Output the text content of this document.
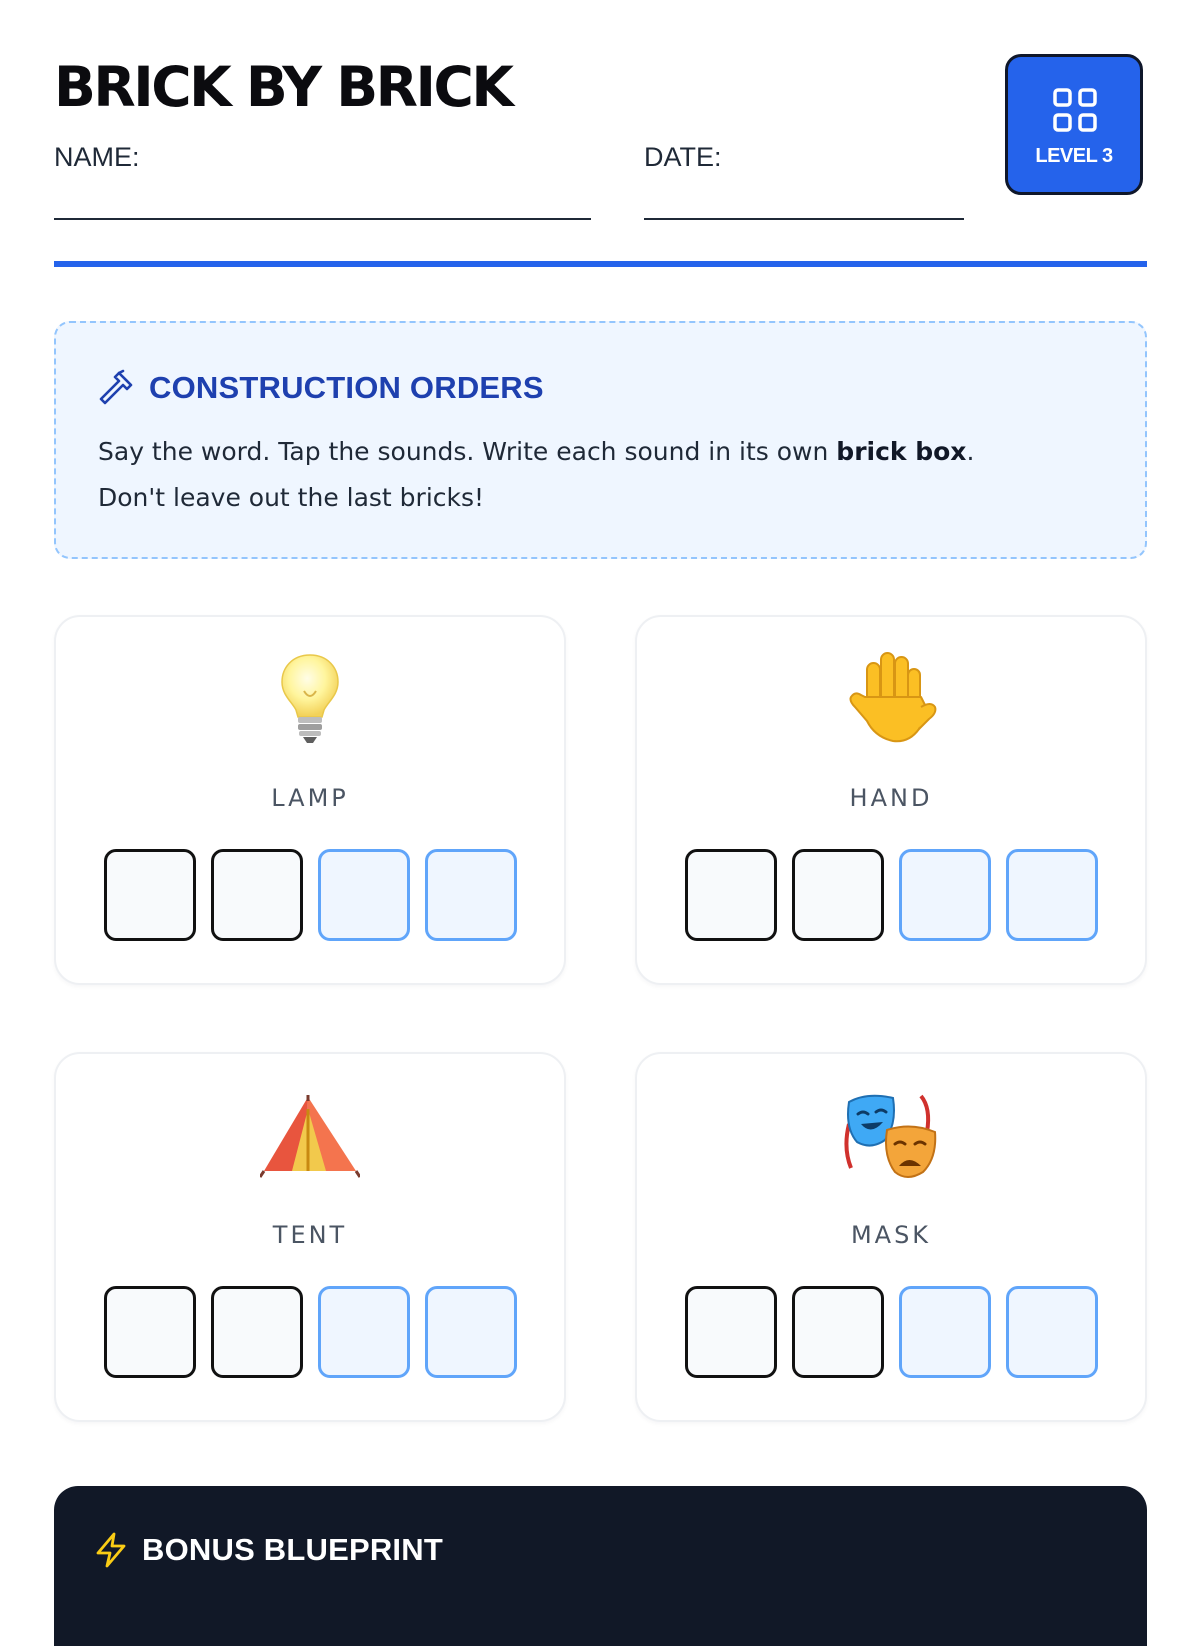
BRICK BY BRICK
NAME:	DATE:	LEVEL 3
CONSTRUCTION ORDERS

Say the word. Tap the sounds. Write each sound in its own brick box.

Don't leave out the last bricks!

LAMP	HAND
TENT	MASK
BONUS BLUEPRINT
